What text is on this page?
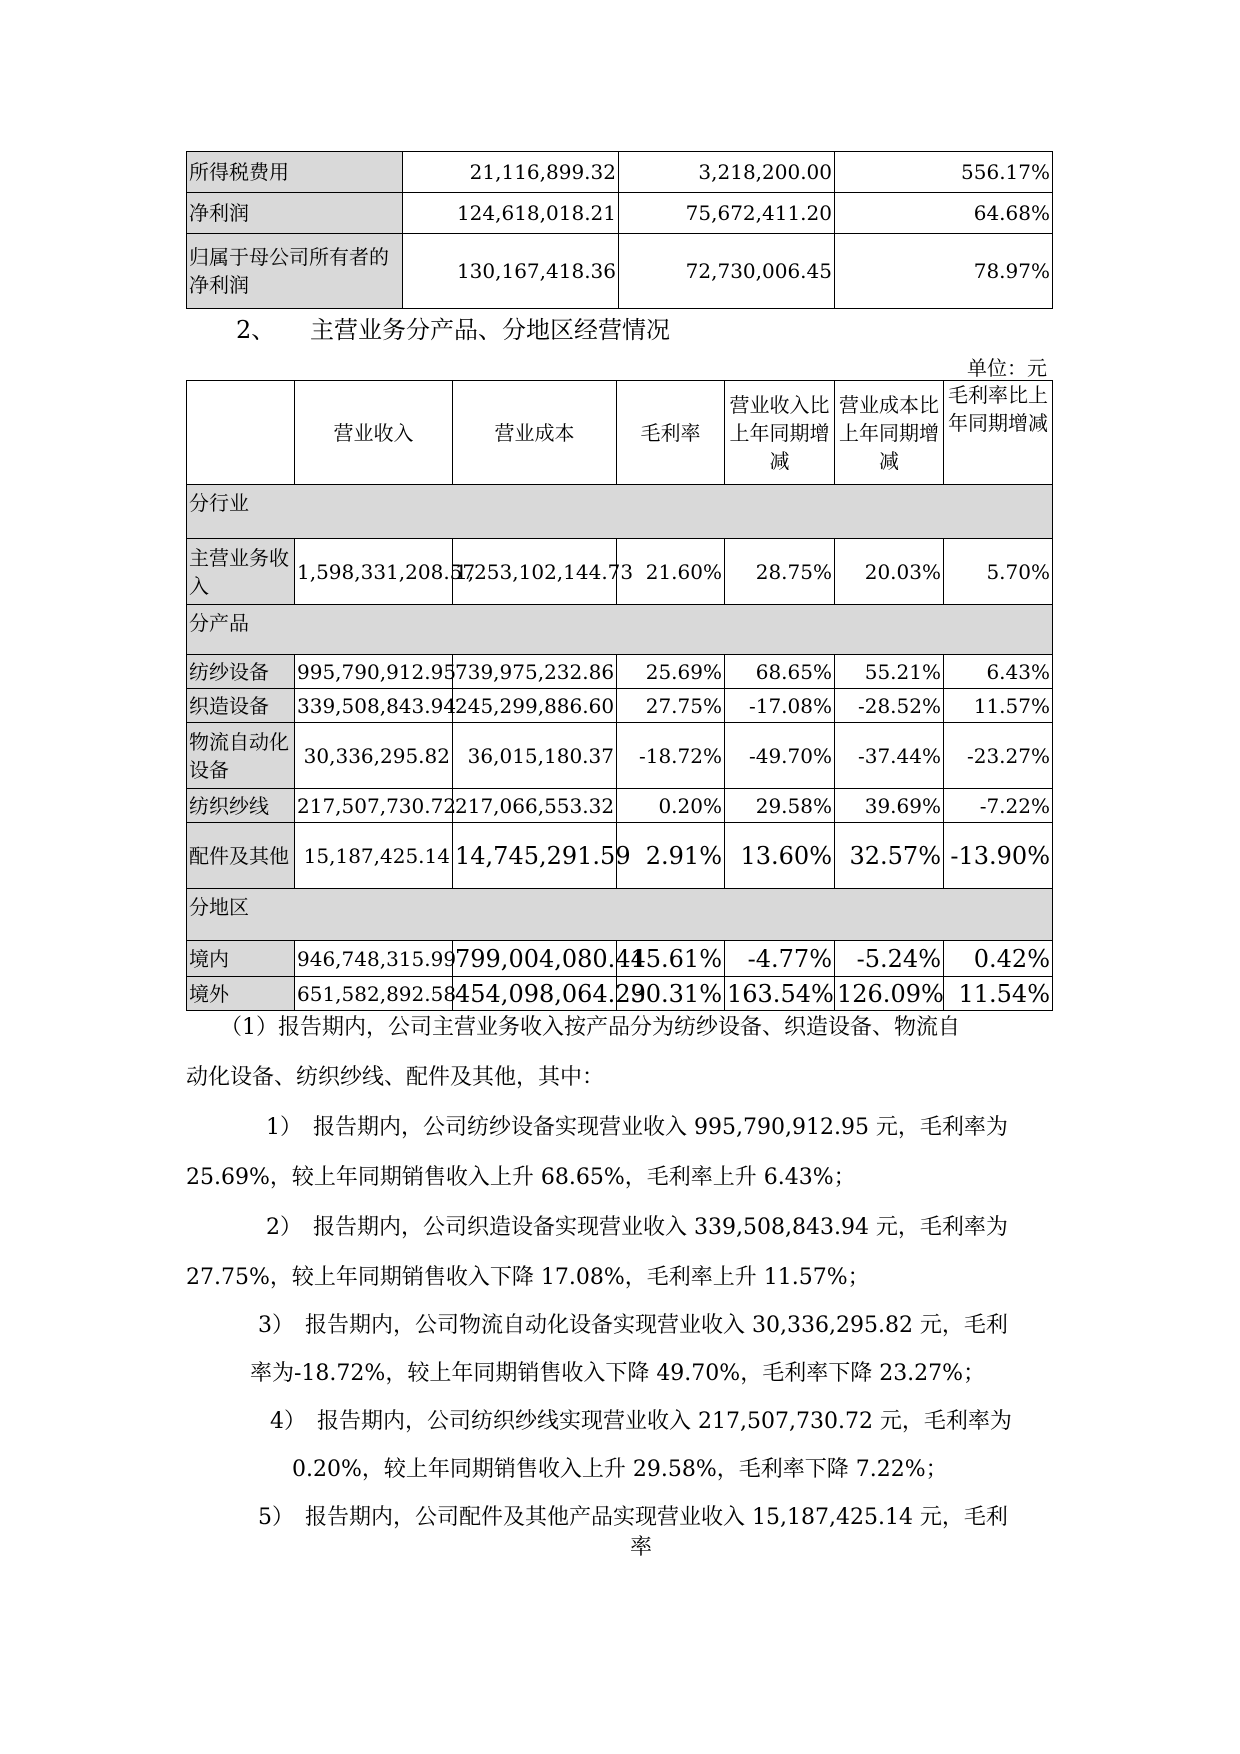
所得税费用	21,116,899.32	3,218,200.00	556.17%
净利润	124,618,018.21	75,672,411.20	64.68%
归属于母公司所有者的净利润	130,167,418.36	72,730,006.45	78.97%
2、 主营业务分产品、分地区经营情况
单位：元
	营业收入	营业成本	毛利率	营业收入比上年同期增减	营业成本比上年同期增减	毛利率比上年同期增减
分行业						
主营业务收入	1,598,331,208.57	1,253,102,144.73	21.60%	28.75%	20.03%	5.70%
分产品						
纺纱设备	995,790,912.95	739,975,232.86	25.69%	68.65%	55.21%	6.43%
织造设备	339,508,843.94	245,299,886.60	27.75%	-17.08%	-28.52%	11.57%
物流自动化设备	30,336,295.82	36,015,180.37	-18.72%	-49.70%	-37.44%	-23.27%
纺织纱线	217,507,730.72	217,066,553.32	0.20%	29.58%	39.69%	-7.22%
配件及其他	15,187,425.14	14,745,291.59	2.91%	13.60%	32.57%	-13.90%
分地区						
境内	946,748,315.99	799,004,080.44	15.61%	-4.77%	-5.24%	0.42%
境外	651,582,892.58	454,098,064.29	30.31%	163.54%	126.09%	11.54%
（1）报告期内，公司主营业务收入按产品分为纺纱设备、织造设备、物流自
动化设备、纺织纱线、配件及其他，其中：
1）　报告期内，公司纺纱设备实现营业收入 995,790,912.95 元，毛利率为
25.69%，较上年同期销售收入上升 68.65%，毛利率上升 6.43%；
2）　报告期内，公司织造设备实现营业收入 339,508,843.94 元，毛利率为
27.75%，较上年同期销售收入下降 17.08%，毛利率上升 11.57%；
3）　报告期内，公司物流自动化设备实现营业收入 30,336,295.82 元，毛利
率为-18.72%，较上年同期销售收入下降 49.70%，毛利率下降 23.27%；
4）　报告期内，公司纺织纱线实现营业收入 217,507,730.72 元，毛利率为
0.20%，较上年同期销售收入上升 29.58%，毛利率下降 7.22%；
5）　报告期内，公司配件及其他产品实现营业收入 15,187,425.14 元，毛利
率
